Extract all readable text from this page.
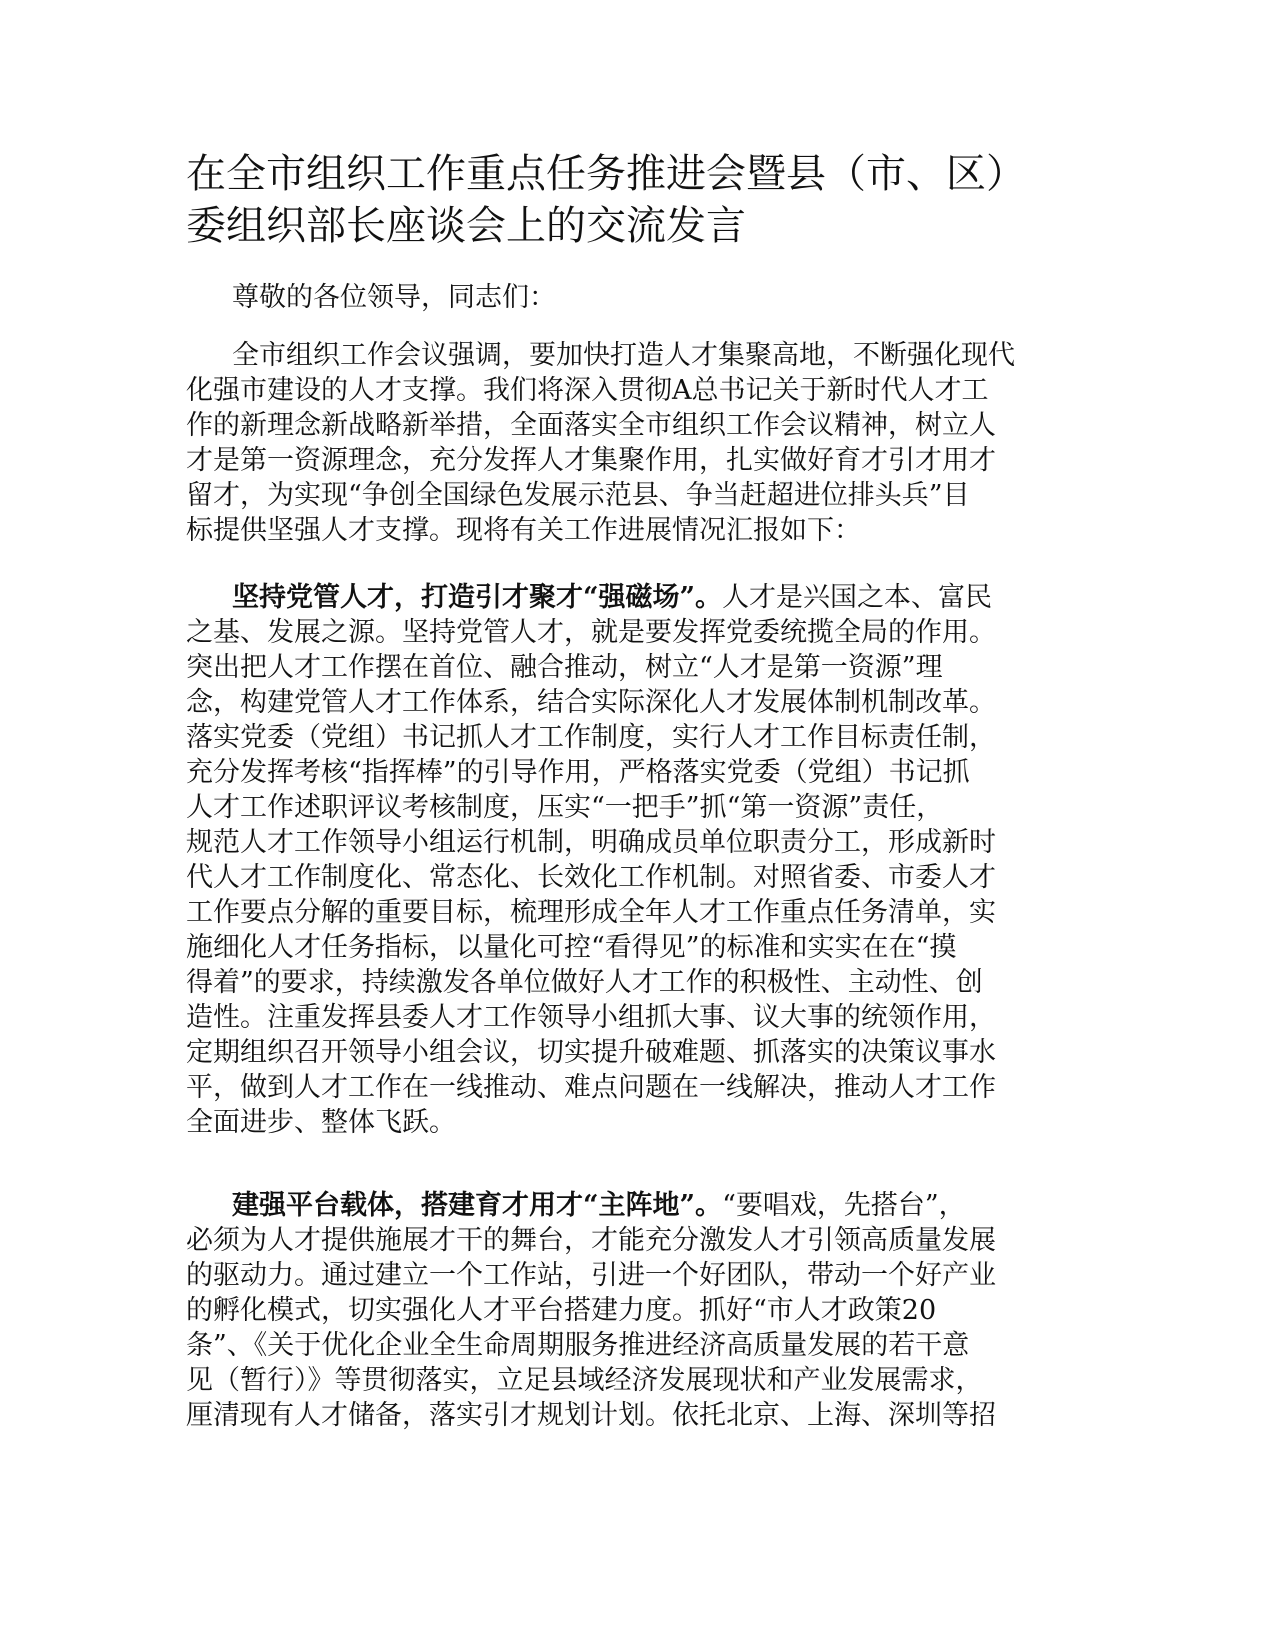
在全市组织工作重点任务推进会暨县（市、区）
委组织部长座谈会上的交流发言
尊敬的各位领导，同志们：
全市组织工作会议强调，要加快打造人才集聚高地，不断强化现代
化强市建设的人才支撑。我们将深入贯彻A总书记关于新时代人才工
作的新理念新战略新举措，全面落实全市组织工作会议精神，树立人
才是第一资源理念，充分发挥人才集聚作用，扎实做好育才引才用才
留才，为实现“争创全国绿色发展示范县、争当赶超进位排头兵”目
标提供坚强人才支撑。现将有关工作进展情况汇报如下：
坚持党管人才，打造引才聚才“强磁场”。人才是兴国之本、富民
之基、发展之源。坚持党管人才，就是要发挥党委统揽全局的作用。
突出把人才工作摆在首位、融合推动，树立“人才是第一资源”理
念，构建党管人才工作体系，结合实际深化人才发展体制机制改革。
落实党委（党组）书记抓人才工作制度，实行人才工作目标责任制，
充分发挥考核“指挥棒”的引导作用，严格落实党委（党组）书记抓
人才工作述职评议考核制度，压实“一把手”抓“第一资源”责任，
规范人才工作领导小组运行机制，明确成员单位职责分工，形成新时
代人才工作制度化、常态化、长效化工作机制。对照省委、市委人才
工作要点分解的重要目标，梳理形成全年人才工作重点任务清单，实
施细化人才任务指标，以量化可控“看得见”的标准和实实在在“摸
得着”的要求，持续激发各单位做好人才工作的积极性、主动性、创
造性。注重发挥县委人才工作领导小组抓大事、议大事的统领作用，
定期组织召开领导小组会议，切实提升破难题、抓落实的决策议事水
平，做到人才工作在一线推动、难点问题在一线解决，推动人才工作
全面进步、整体飞跃。
建强平台载体，搭建育才用才“主阵地”。“要唱戏，先搭台”，
必须为人才提供施展才干的舞台，才能充分激发人才引领高质量发展
的驱动力。通过建立一个工作站，引进一个好团队，带动一个好产业
的孵化模式，切实强化人才平台搭建力度。抓好“市人才政策20
条”、《关于优化企业全生命周期服务推进经济高质量发展的若干意
见（暂行）》等贯彻落实，立足县域经济发展现状和产业发展需求，
厘清现有人才储备，落实引才规划计划。依托北京、上海、深圳等招
